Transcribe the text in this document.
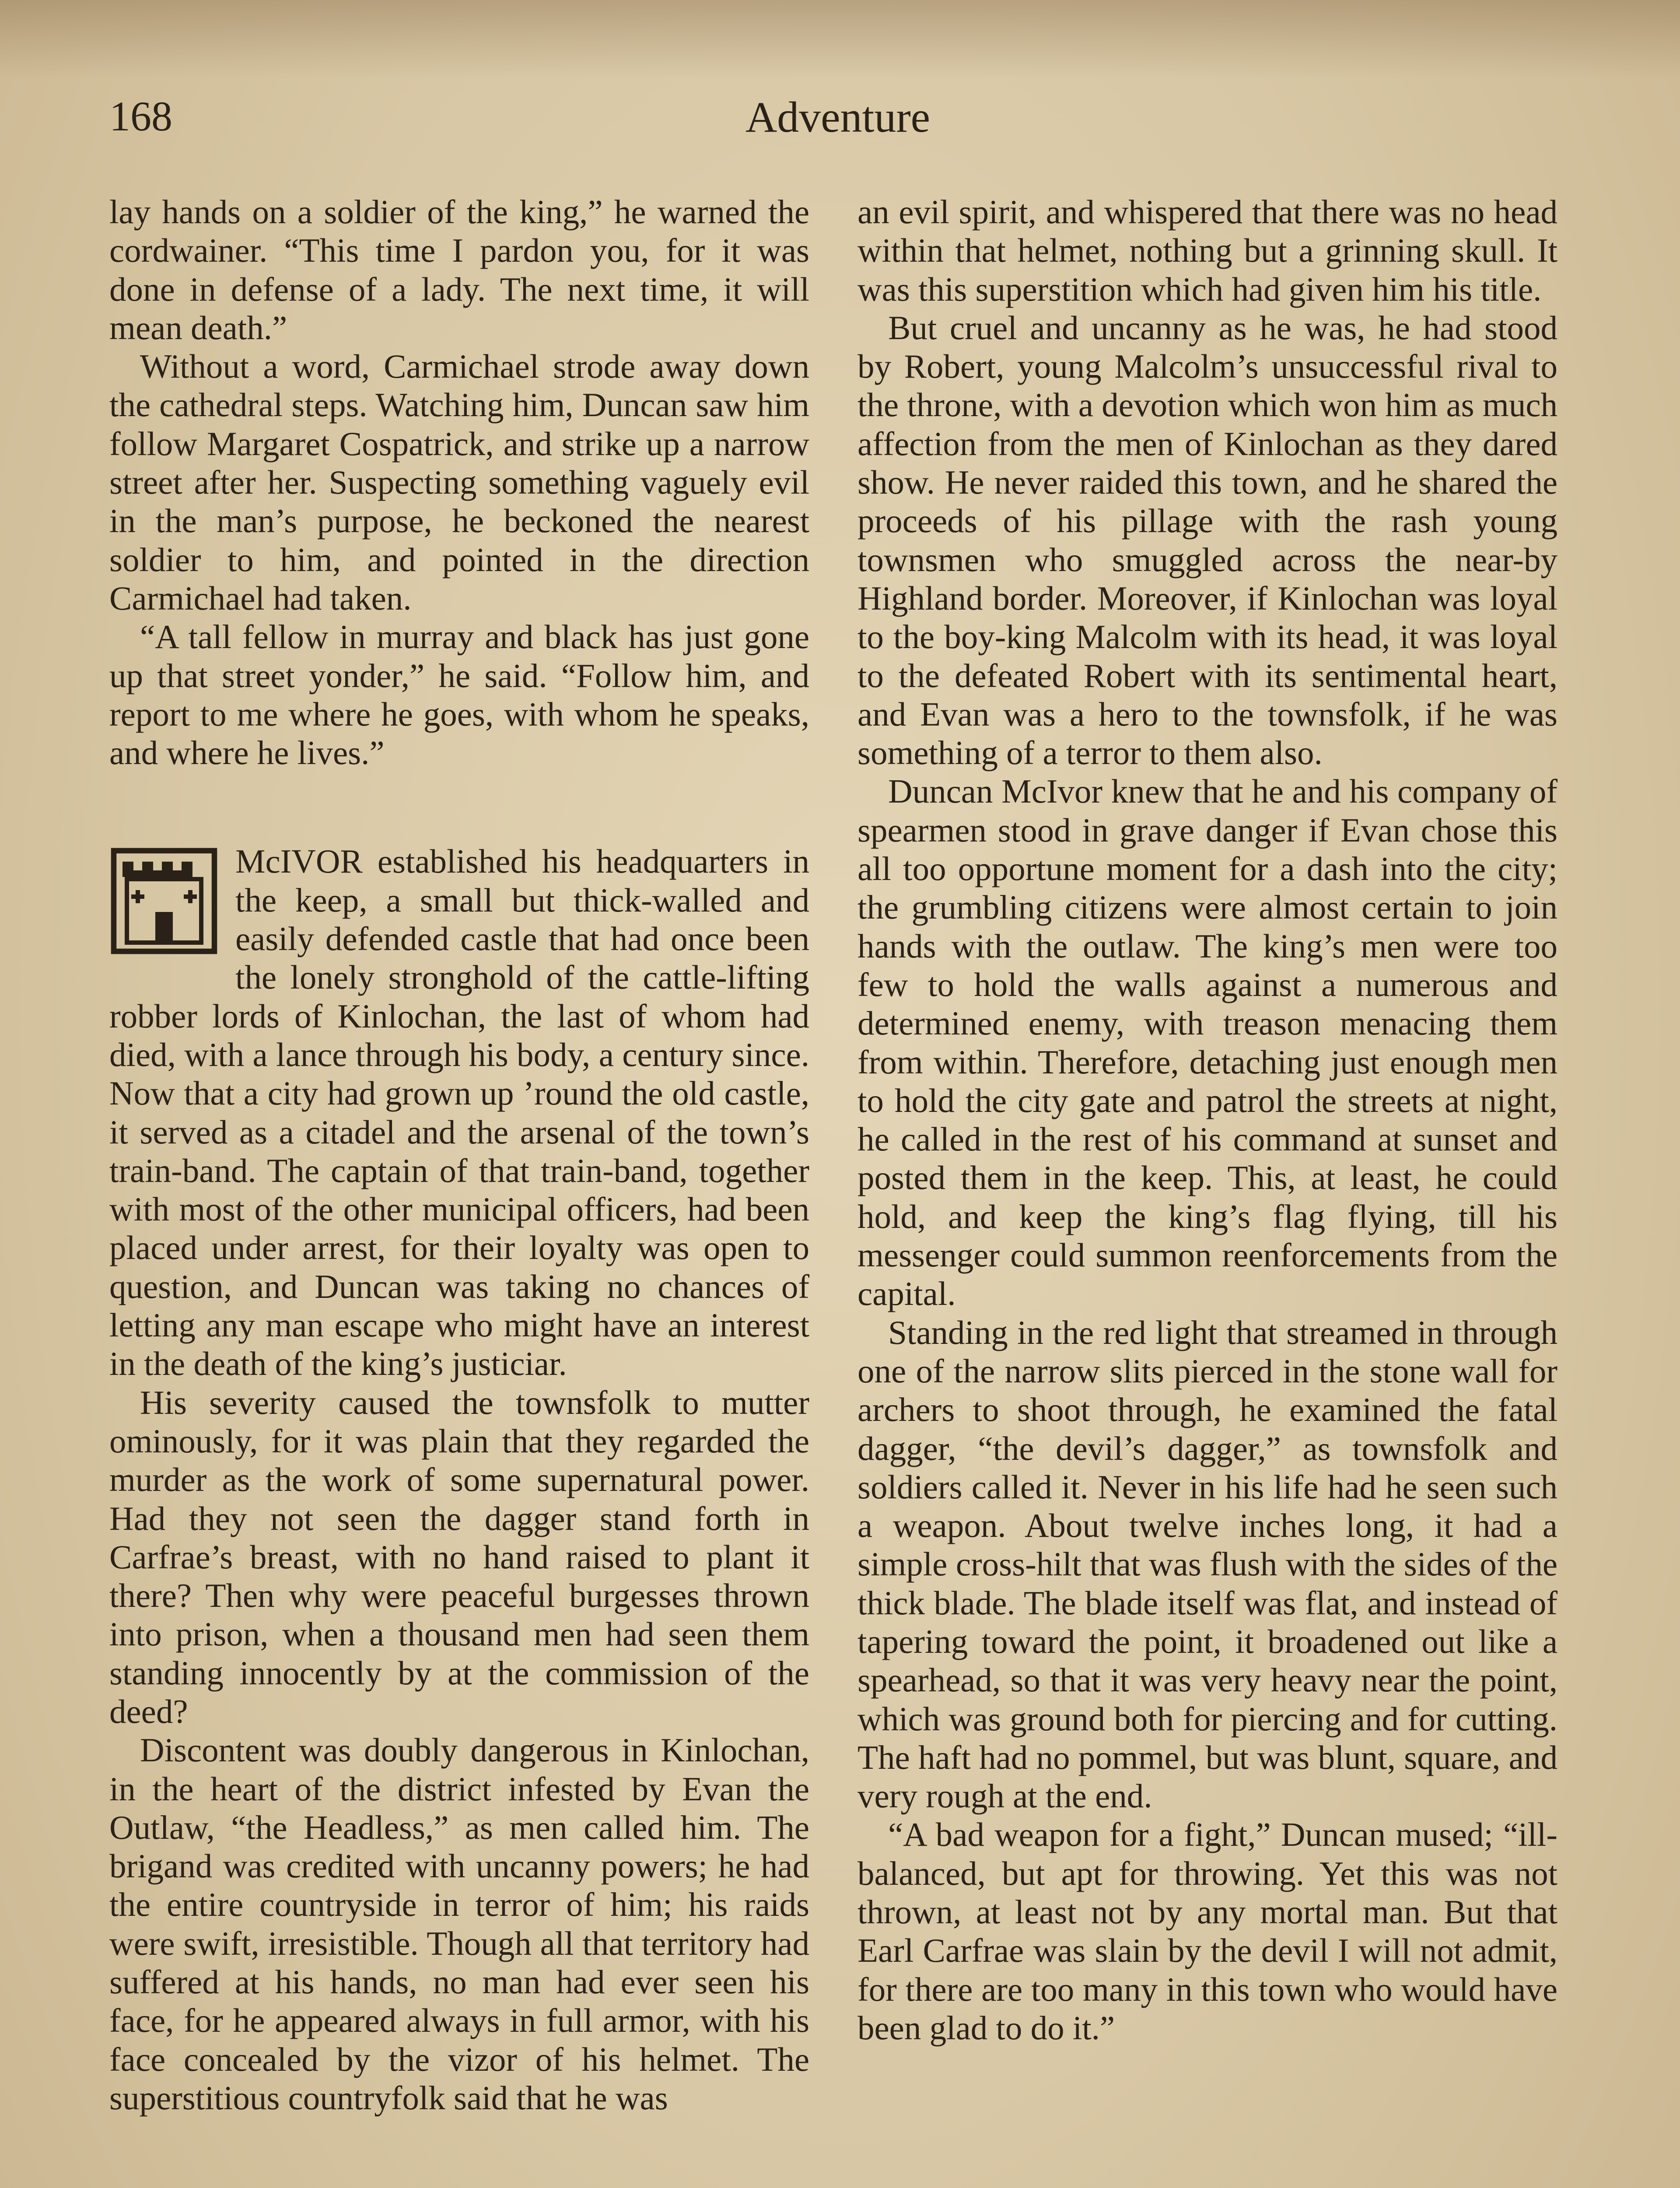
168	Adventure

lay hands on a soldier of the king,” he warned the cordwainer. “This time I pardon you, for it was done in defense of a lady. The next time, it will mean death.”

Without a word, Carmichael strode away down the cathedral steps. Watching him, Duncan saw him follow Margaret Cospatrick, and strike up a narrow street after her. Suspecting something vaguely evil in the man’s purpose, he beckoned the nearest soldier to him, and pointed in the direction Carmichael had taken.

“A tall fellow in murray and black has just gone up that street yonder,” he said. “Follow him, and report to me where he goes, with whom he speaks, and where he lives.”

McIVOR established his headquarters in the keep, a small but thick-walled and easily defended castle that had once been the lonely stronghold of the cattle-lifting robber lords of Kinlochan, the last of whom had died, with a lance through his body, a century since. Now that a city had grown up ’round the old castle, it served as a citadel and the arsenal of the town’s train-band. The captain of that train-band, together with most of the other municipal officers, had been placed under arrest, for their loyalty was open to question, and Duncan was taking no chances of letting any man escape who might have an interest in the death of the king’s justiciar.

His severity caused the townsfolk to mutter ominously, for it was plain that they regarded the murder as the work of some supernatural power. Had they not seen the dagger stand forth in Carfrae’s breast, with no hand raised to plant it there? Then why were peaceful burgesses thrown into prison, when a thousand men had seen them standing innocently by at the commission of the deed?

Discontent was doubly dangerous in Kinlochan, in the heart of the district infested by Evan the Outlaw, “the Headless,” as men called him. The brigand was credited with uncanny powers; he had the entire countryside in terror of him; his raids were swift, irresistible. Though all that territory had suffered at his hands, no man had ever seen his face, for he appeared always in full armor, with his face concealed by the vizor of his helmet. The superstitious countryfolk said that he was

an evil spirit, and whispered that there was no head within that helmet, nothing but a grinning skull. It was this superstition which had given him his title.

But cruel and uncanny as he was, he had stood by Robert, young Malcolm’s unsuccessful rival to the throne, with a devotion which won him as much affection from the men of Kinlochan as they dared show. He never raided this town, and he shared the proceeds of his pillage with the rash young townsmen who smuggled across the near-by Highland border. Moreover, if Kinlochan was loyal to the boy-king Malcolm with its head, it was loyal to the defeated Robert with its sentimental heart, and Evan was a hero to the townsfolk, if he was something of a terror to them also.

Duncan McIvor knew that he and his company of spearmen stood in grave danger if Evan chose this all too opportune moment for a dash into the city; the grumbling citizens were almost certain to join hands with the outlaw. The king’s men were too few to hold the walls against a numerous and determined enemy, with treason menacing them from within. Therefore, detaching just enough men to hold the city gate and patrol the streets at night, he called in the rest of his command at sunset and posted them in the keep. This, at least, he could hold, and keep the king’s flag flying, till his messenger could summon reenforcements from the capital.

Standing in the red light that streamed in through one of the narrow slits pierced in the stone wall for archers to shoot through, he examined the fatal dagger, “the devil’s dagger,” as townsfolk and soldiers called it. Never in his life had he seen such a weapon. About twelve inches long, it had a simple cross-hilt that was flush with the sides of the thick blade. The blade itself was flat, and instead of tapering toward the point, it broadened out like a spearhead, so that it was very heavy near the point, which was ground both for piercing and for cutting. The haft had no pommel, but was blunt, square, and very rough at the end.

“A bad weapon for a fight,” Duncan mused; “ill-balanced, but apt for throwing. Yet this was not thrown, at least not by any mortal man. But that Earl Carfrae was slain by the devil I will not admit, for there are too many in this town who would have been glad to do it.”
